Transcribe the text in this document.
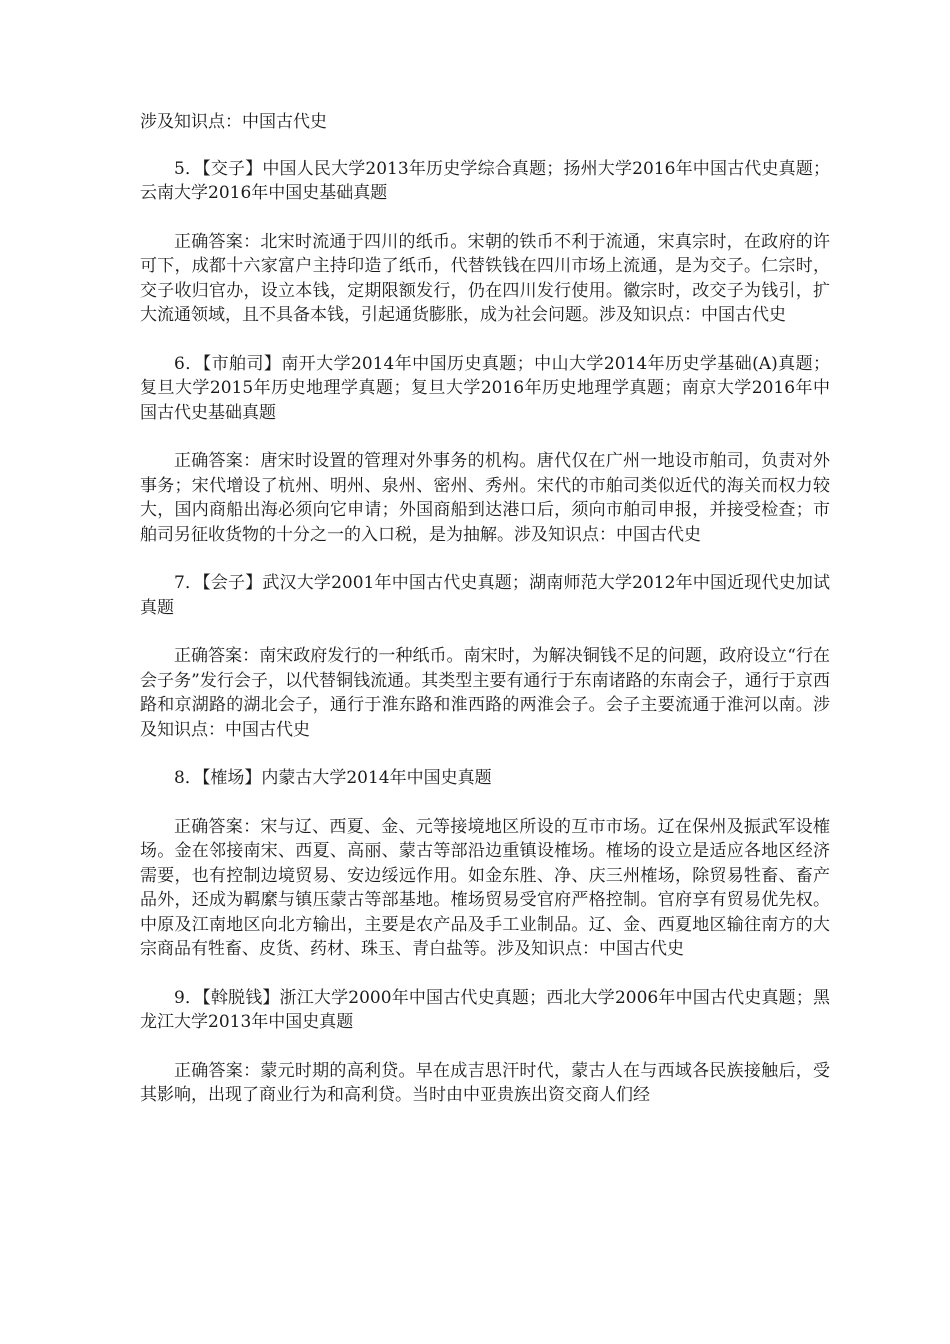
涉及知识点：中国古代史

5．【交子】中国人民大学2013年历史学综合真题；扬州大学2016年中国古代史真题；云南大学2016年中国史基础真题

正确答案：北宋时流通于四川的纸币。宋朝的铁币不利于流通，宋真宗时，在政府的许可下，成都十六家富户主持印造了纸币，代替铁钱在四川市场上流通，是为交子。仁宗时，交子收归官办，设立本钱，定期限额发行，仍在四川发行使用。徽宗时，改交子为钱引，扩大流通领域，且不具备本钱，引起通货膨胀，成为社会问题。涉及知识点：中国古代史

6．【市舶司】南开大学2014年中国历史真题；中山大学2014年历史学基础(A)真题；复旦大学2015年历史地理学真题；复旦大学2016年历史地理学真题；南京大学2016年中国古代史基础真题

正确答案：唐宋时设置的管理对外事务的机构。唐代仅在广州一地设市舶司，负责对外事务；宋代增设了杭州、明州、泉州、密州、秀州。宋代的市舶司类似近代的海关而权力较大，国内商船出海必须向它申请；外国商船到达港口后，须向市舶司申报，并接受检查；市舶司另征收货物的十分之一的入口税，是为抽解。涉及知识点：中国古代史

7．【会子】武汉大学2001年中国古代史真题；湖南师范大学2012年中国近现代史加试真题

正确答案：南宋政府发行的一种纸币。南宋时，为解决铜钱不足的问题，政府设立“行在会子务”发行会子，以代替铜钱流通。其类型主要有通行于东南诸路的东南会子，通行于京西路和京湖路的湖北会子，通行于淮东路和淮西路的两淮会子。会子主要流通于淮河以南。涉及知识点：中国古代史

8．【榷场】内蒙古大学2014年中国史真题

正确答案：宋与辽、西夏、金、元等接境地区所设的互市市场。辽在保州及振武军设榷场。金在邻接南宋、西夏、高丽、蒙古等部沿边重镇设榷场。榷场的设立是适应各地区经济需要，也有控制边境贸易、安边绥远作用。如金东胜、净、庆三州榷场，除贸易牲畜、畜产品外，还成为羁縻与镇压蒙古等部基地。榷场贸易受官府严格控制。官府享有贸易优先权。中原及江南地区向北方输出，主要是农产品及手工业制品。辽、金、西夏地区输往南方的大宗商品有牲畜、皮货、药材、珠玉、青白盐等。涉及知识点：中国古代史

9．【斡脱钱】浙江大学2000年中国古代史真题；西北大学2006年中国古代史真题；黑龙江大学2013年中国史真题

正确答案：蒙元时期的高利贷。早在成吉思汗时代，蒙古人在与西域各民族接触后，受其影响，出现了商业行为和高利贷。当时由中亚贵族出资交商人们经
